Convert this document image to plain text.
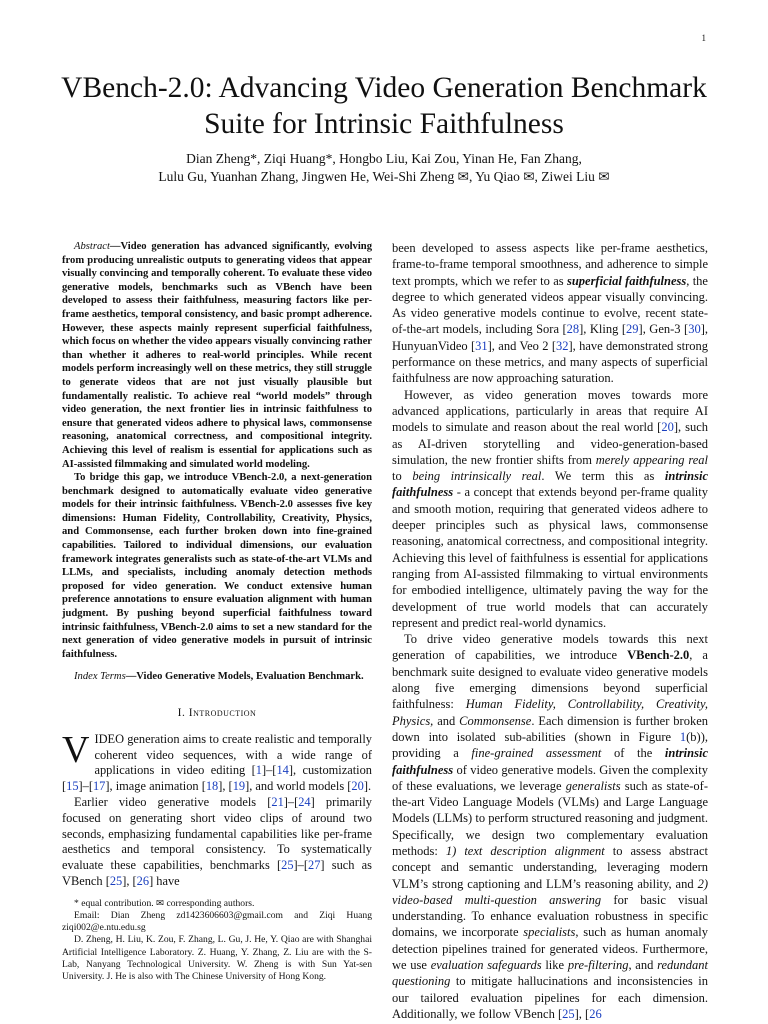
1
VBench-2.0: Advancing Video Generation Benchmark Suite for Intrinsic Faithfulness
Dian Zheng*, Ziqi Huang*, Hongbo Liu, Kai Zou, Yinan He, Fan Zhang,
Lulu Gu, Yuanhan Zhang, Jingwen He, Wei-Shi Zheng ✉, Yu Qiao ✉, Ziwei Liu ✉

Abstract—Video generation has advanced significantly, evolving from producing unrealistic outputs to generating videos that appear visually convincing and temporally coherent. To evaluate these video generative models, benchmarks such as VBench have been developed to assess their faithfulness, measuring factors like per-frame aesthetics, temporal consistency, and basic prompt adherence. However, these aspects mainly represent superficial faithfulness, which focus on whether the video appears visually convincing rather than whether it adheres to real-world principles. While recent models perform increasingly well on these metrics, they still struggle to generate videos that are not just visually plausible but fundamentally realistic. To achieve real “world models” through video generation, the next frontier lies in intrinsic faithfulness to ensure that generated videos adhere to physical laws, commonsense reasoning, anatomical correctness, and compositional integrity. Achieving this level of realism is essential for applications such as AI-assisted filmmaking and simulated world modeling.

To bridge this gap, we introduce VBench-2.0, a next-generation benchmark designed to automatically evaluate video generative models for their intrinsic faithfulness. VBench-2.0 assesses five key dimensions: Human Fidelity, Controllability, Creativity, Physics, and Commonsense, each further broken down into fine-grained capabilities. Tailored to individual dimensions, our evaluation framework integrates generalists such as state-of-the-art VLMs and LLMs, and specialists, including anomaly detection methods proposed for video generation. We conduct extensive human preference annotations to ensure evaluation alignment with human judgment. By pushing beyond superficial faithfulness toward intrinsic faithfulness, VBench-2.0 aims to set a new standard for the next generation of video generative models in pursuit of intrinsic faithfulness.

Index Terms—Video Generative Models, Evaluation Benchmark.

I. Introduction

VIDEO generation aims to create realistic and temporally coherent video sequences, with a wide range of applications in video editing [1]–[14], customization [15]–[17], image animation [18], [19], and world models [20].

Earlier video generative models [21]–[24] primarily focused on generating short video clips of around two seconds, emphasizing fundamental capabilities like per-frame aesthetics and temporal consistency. To systematically evaluate these capabilities, benchmarks [25]–[27] such as VBench [25], [26] have

* equal contribution. ✉ corresponding authors.

Email: Dian Zheng zd1423606603@gmail.com and Ziqi Huang ziqi002@e.ntu.edu.sg

D. Zheng, H. Liu, K. Zou, F. Zhang, L. Gu, J. He, Y. Qiao are with Shanghai Artificial Intelligence Laboratory. Z. Huang, Y. Zhang, Z. Liu are with the S-Lab, Nanyang Technological University. W. Zheng is with Sun Yat-sen University. J. He is also with The Chinese University of Hong Kong.

been developed to assess aspects like per-frame aesthetics, frame-to-frame temporal smoothness, and adherence to simple text prompts, which we refer to as superficial faithfulness, the degree to which generated videos appear visually convincing. As video generative models continue to evolve, recent state-of-the-art models, including Sora [28], Kling [29], Gen-3 [30], HunyuanVideo [31], and Veo 2 [32], have demonstrated strong performance on these metrics, and many aspects of superficial faithfulness are now approaching saturation.

However, as video generation moves towards more advanced applications, particularly in areas that require AI models to simulate and reason about the real world [20], such as AI-driven storytelling and video-generation-based simulation, the new frontier shifts from merely appearing real to being intrinsically real. We term this as intrinsic faithfulness - a concept that extends beyond per-frame quality and smooth motion, requiring that generated videos adhere to deeper principles such as physical laws, commonsense reasoning, anatomical correctness, and compositional integrity. Achieving this level of faithfulness is essential for applications ranging from AI-assisted filmmaking to virtual environments for embodied intelligence, ultimately paving the way for the development of true world models that can accurately represent and predict real-world dynamics.

To drive video generative models towards this next generation of capabilities, we introduce VBench-2.0, a benchmark suite designed to evaluate video generative models along five emerging dimensions beyond superficial faithfulness: Human Fidelity, Controllability, Creativity, Physics, and Commonsense. Each dimension is further broken down into isolated sub-abilities (shown in Figure 1(b)), providing a fine-grained assessment of the intrinsic faithfulness of video generative models. Given the complexity of these evaluations, we leverage generalists such as state-of-the-art Video Language Models (VLMs) and Large Language Models (LLMs) to perform structured reasoning and judgment. Specifically, we design two complementary evaluation methods: 1) text description alignment to assess abstract concept and semantic understanding, leveraging modern VLM’s strong captioning and LLM’s reasoning ability, and 2) video-based multi-question answering for basic visual understanding. To enhance evaluation robustness in specific domains, we incorporate specialists, such as human anomaly detection pipelines trained for generated videos. Furthermore, we use evaluation safeguards like pre-filtering, and redundant questioning to mitigate hallucinations and inconsistencies in our tailored evaluation pipelines for each dimension. Additionally, we follow VBench [25], [26
